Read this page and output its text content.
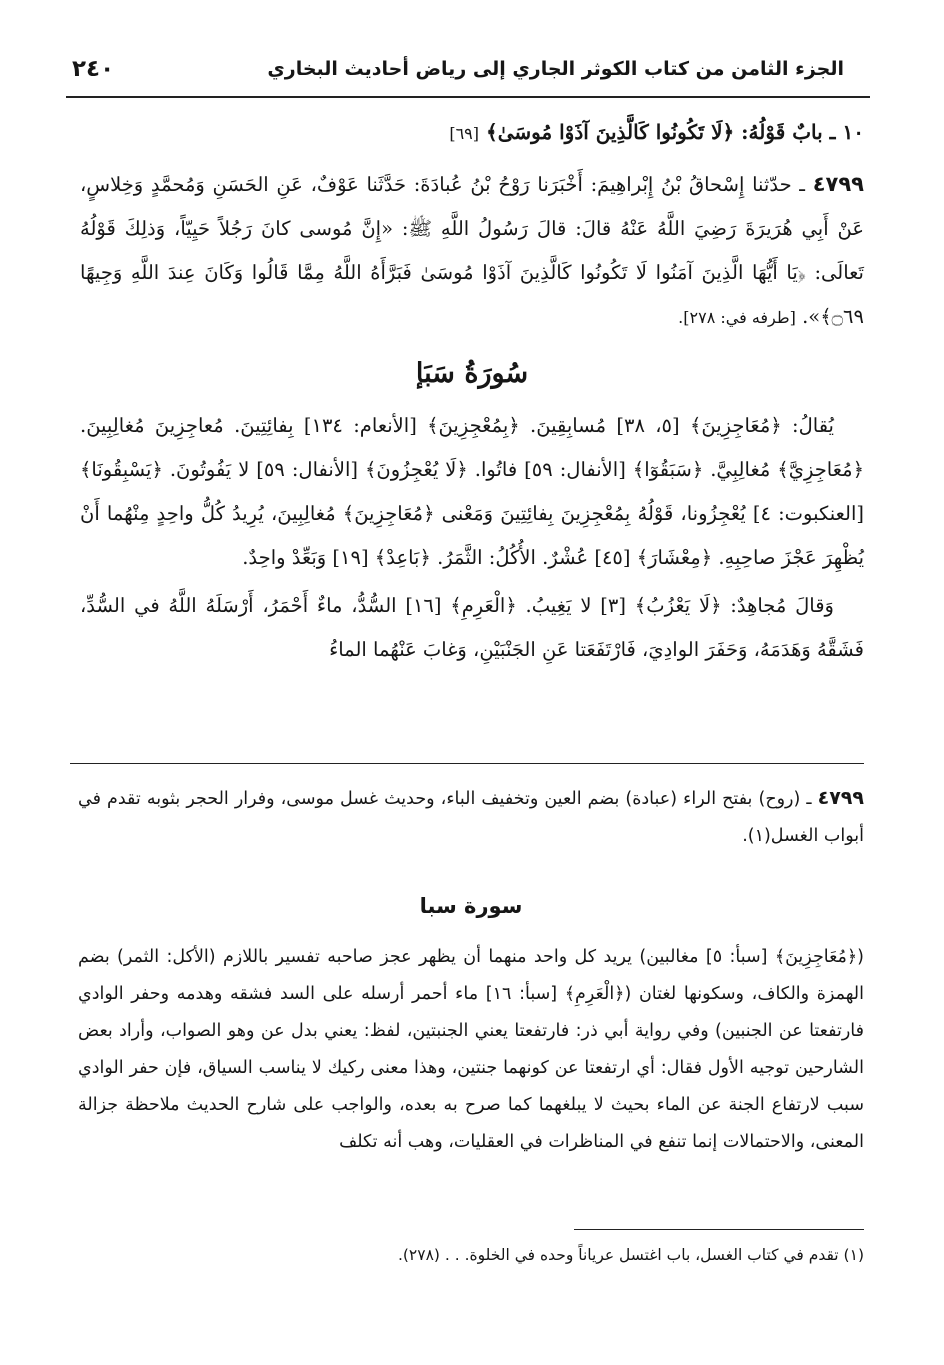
الجزء الثامن من كتاب الكوثر الجاري إلى رياض أحاديث البخاري
٢٤٠

١٠ ـ بابٌ قَوْلُهُ: ﴿لَا تَكُونُوا كَالَّذِينَ آذَوْا مُوسَىٰ﴾ [٦٩]

٤٧٩٩ ـ حدّثنا إِسْحاقُ بْنُ إِبْراهِيمَ: أَخْبَرَنا رَوْحُ بْنُ عُبادَةَ: حَدَّثَنا عَوْفٌ، عَنِ الحَسَنِ وَمُحمَّدٍ وَخِلاسٍ، عَنْ أَبِي هُرَيرَةَ رَضِيَ اللَّهُ عَنْهُ قالَ: قالَ رَسُولُ اللَّهِ ﷺ: «إِنَّ مُوسى كانَ رَجُلاً حَيِيّاً، وَذلِكَ قَوْلُهُ تَعالَى: ﴿يَا أَيُّهَا الَّذِينَ آمَنُوا لَا تَكُونُوا كَالَّذِينَ آذَوْا مُوسَىٰ فَبَرَّأَهُ اللَّهُ مِمَّا قَالُوا وَكَانَ عِندَ اللَّهِ وَجِيهًا ۝٦٩﴾». [طرفه في: ٢٧٨].

سُورَةُ سَبَإ

يُقالُ: ﴿مُعَاجِزِينَ﴾ [٥، ٣٨] مُسابِقِينَ. ﴿بِمُعْجِزِينَ﴾ [الأنعام: ١٣٤] بِفائِتِينَ. مُعاجِزِينَ مُغالِبِينَ. ﴿مُعَاجِزِيَّ﴾ مُغالِبِيَّ. ﴿سَبَقُوٓا﴾ [الأنفال: ٥٩] فاتُوا. ﴿لَا يُعْجِزُونَ﴾ [الأنفال: ٥٩] لا يَفُوتُونَ. ﴿يَسْبِقُونَا﴾ [العنكبوت: ٤] يُعْجِزُونا، قَوْلُهُ بِمُعْجِزِينَ بِفائِتِينَ وَمَعْنى ﴿مُعَاجِزِينَ﴾ مُغالِبِينَ، يُرِيدُ كُلُّ واحِدٍ مِنْهُما أَنْ يُظْهِرَ عَجْزَ صاحِبِهِ. ﴿مِعْشَارَ﴾ [٤٥] عُشْرٌ. الأُكُلُ: الثَّمَرُ. ﴿بَاعِدْ﴾ [١٩] وَبَعِّدْ واحِدٌ.

وَقالَ مُجاهِدٌ: ﴿لَا يَعْزُبُ﴾ [٣] لا يَغِيبُ. ﴿الْعَرِمِ﴾ [١٦] السُّدُّ، ماءٌ أَحْمَرُ، أَرْسَلَهُ اللَّهُ في السُّدِّ، فَشَقَّهُ وَهَدَمَهُ، وَحَفَرَ الوادِيَ، فَارْتَفَعَتا عَنِ الجَنْبَيْنِ، وَغابَ عَنْهُما الماءُ

٤٧٩٩ ـ (روح) بفتح الراء (عبادة) بضم العين وتخفيف الباء، وحديث غسل موسى، وفرار الحجر بثوبه تقدم في أبواب الغسل(١).

سورة سبا

(﴿مُعَاجِزِينَ﴾ [سبأ: ٥] مغالبين) يريد كل واحد منهما أن يظهر عجز صاحبه تفسير باللازم (الأكل: الثمر) بضم الهمزة والكاف، وسكونها لغتان (﴿الْعَرِمِ﴾ [سبأ: ١٦] ماء أحمر أرسله على السد فشقه وهدمه وحفر الوادي فارتفعتا عن الجنبين) وفي رواية أبي ذر: فارتفعتا يعني الجنبتين، لفظ: يعني بدل عن وهو الصواب، وأراد بعض الشارحين توجيه الأول فقال: أي ارتفعتا عن كونهما جنتين، وهذا معنى ركيك لا يناسب السياق، فإن حفر الوادي سبب لارتفاع الجنة عن الماء بحيث لا يبلغهما كما صرح به بعده، والواجب على شارح الحديث ملاحظة جزالة المعنى، والاحتمالات إنما تنفع في المناظرات في العقليات، وهب أنه تكلف

(١) تقدم في كتاب الغسل، باب اغتسل عرياناً وحده في الخلوة. . . (٢٧٨).
